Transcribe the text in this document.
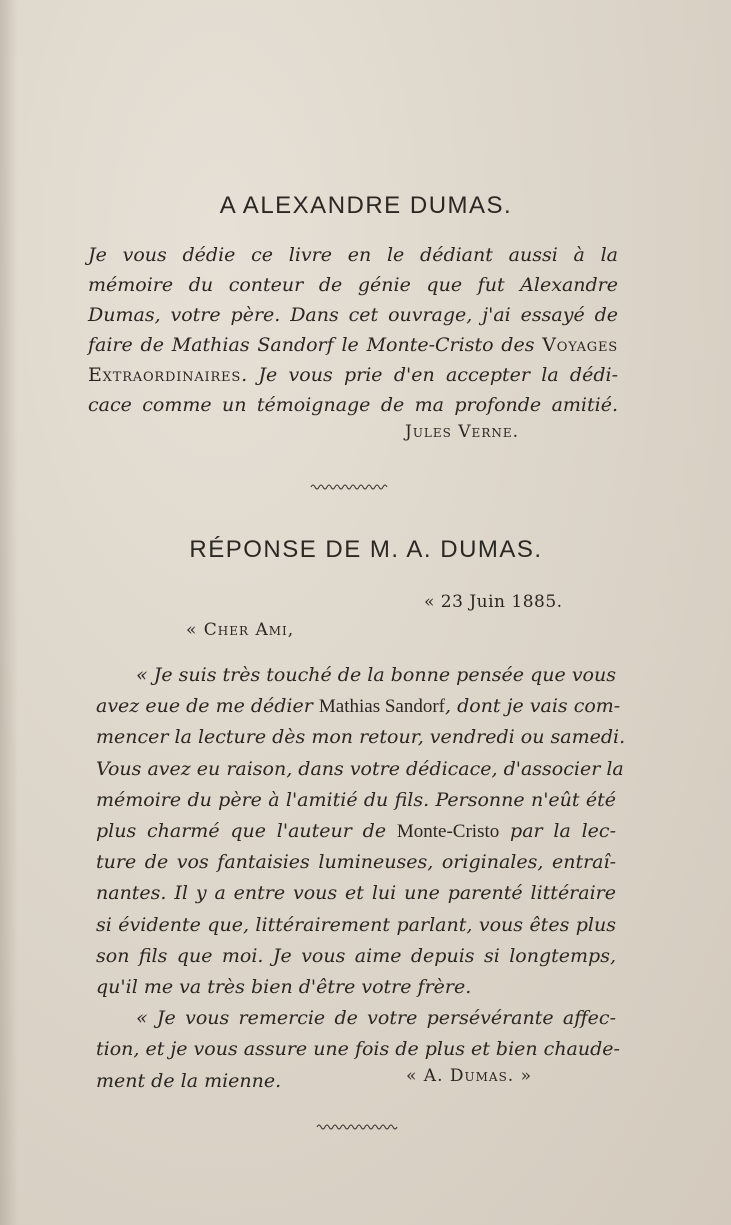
A ALEXANDRE DUMAS.
Je vous dédie ce livre en le dédiant aussi à la
mémoire du conteur de génie que fut Alexandre
Dumas, votre père. Dans cet ouvrage, j'ai essayé de
faire de Mathias Sandorf le Monte-Cristo des Voyages
Extraordinaires. Je vous prie d'en accepter la dédi-
cace comme un témoignage de ma profonde amitié.
Jules Verne.
RÉPONSE DE M. A. DUMAS.
« 23 Juin 1885.
« Cher Ami,
« Je suis très touché de la bonne pensée que vous
avez eue de me dédier Mathias Sandorf, dont je vais com-
mencer la lecture dès mon retour, vendredi ou samedi.
Vous avez eu raison, dans votre dédicace, d'associer la
mémoire du père à l'amitié du fils. Personne n'eût été
plus charmé que l'auteur de Monte-Cristo par la lec-
ture de vos fantaisies lumineuses, originales, entraî-
nantes. Il y a entre vous et lui une parenté littéraire
si évidente que, littérairement parlant, vous êtes plus
son fils que moi. Je vous aime depuis si longtemps,
qu'il me va très bien d'être votre frère.
« Je vous remercie de votre persévérante affec-
tion, et je vous assure une fois de plus et bien chaude-
ment de la mienne.	« A. Dumas. »
